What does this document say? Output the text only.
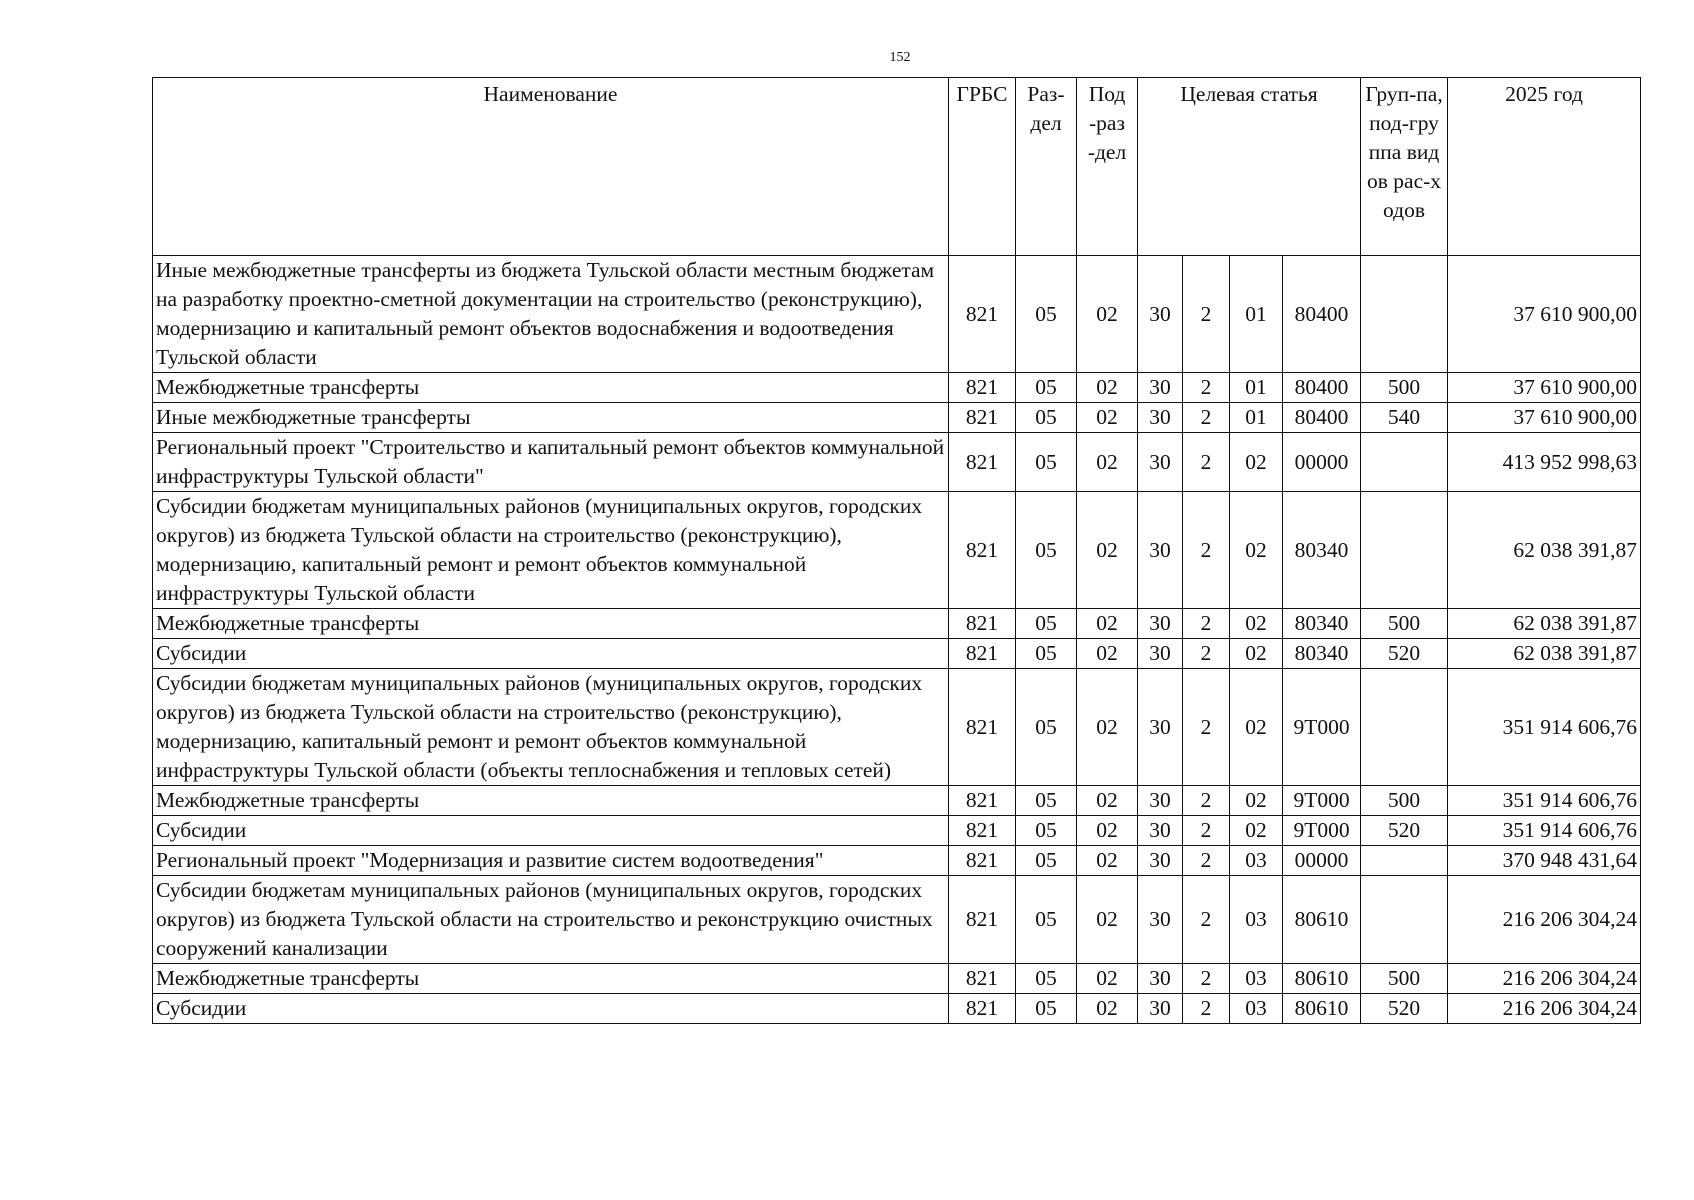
152
Наименование	ГРБС	Раз-дел	Под-раз-дел	Целевая статья				Груп-па, под-группа видов рас-ходов	2025 год

Иные межбюджетные трансферты из бюджета Тульской области местным бюджетам на разработку проектно-сметной документации на строительство (реконструкцию), модернизацию и капитальный ремонт объектов водоснабжения и водоотведения Тульской области	821	05	02	30	2	01	80400		37 610 900,00
Межбюджетные трансферты	821	05	02	30	2	01	80400	500	37 610 900,00
Иные межбюджетные трансферты	821	05	02	30	2	01	80400	540	37 610 900,00
Региональный проект "Строительство и капитальный ремонт объектов коммунальной инфраструктуры Тульской области"	821	05	02	30	2	02	00000		413 952 998,63
Субсидии бюджетам муниципальных районов (муниципальных округов, городских округов) из бюджета Тульской области на строительство (реконструкцию), модернизацию, капитальный ремонт и ремонт объектов коммунальной инфраструктуры Тульской области	821	05	02	30	2	02	80340		62 038 391,87
Межбюджетные трансферты	821	05	02	30	2	02	80340	500	62 038 391,87
Субсидии	821	05	02	30	2	02	80340	520	62 038 391,87
Субсидии бюджетам муниципальных районов (муниципальных округов, городских округов) из бюджета Тульской области на строительство (реконструкцию), модернизацию, капитальный ремонт и ремонт объектов коммунальной инфраструктуры Тульской области (объекты теплоснабжения и тепловых сетей)	821	05	02	30	2	02	9Т000		351 914 606,76
Межбюджетные трансферты	821	05	02	30	2	02	9Т000	500	351 914 606,76
Субсидии	821	05	02	30	2	02	9Т000	520	351 914 606,76
Региональный проект "Модернизация и развитие систем водоотведения"	821	05	02	30	2	03	00000		370 948 431,64
Субсидии бюджетам муниципальных районов (муниципальных округов, городских округов) из бюджета Тульской области на строительство и реконструкцию очистных сооружений канализации	821	05	02	30	2	03	80610		216 206 304,24
Межбюджетные трансферты	821	05	02	30	2	03	80610	500	216 206 304,24
Субсидии	821	05	02	30	2	03	80610	520	216 206 304,24
